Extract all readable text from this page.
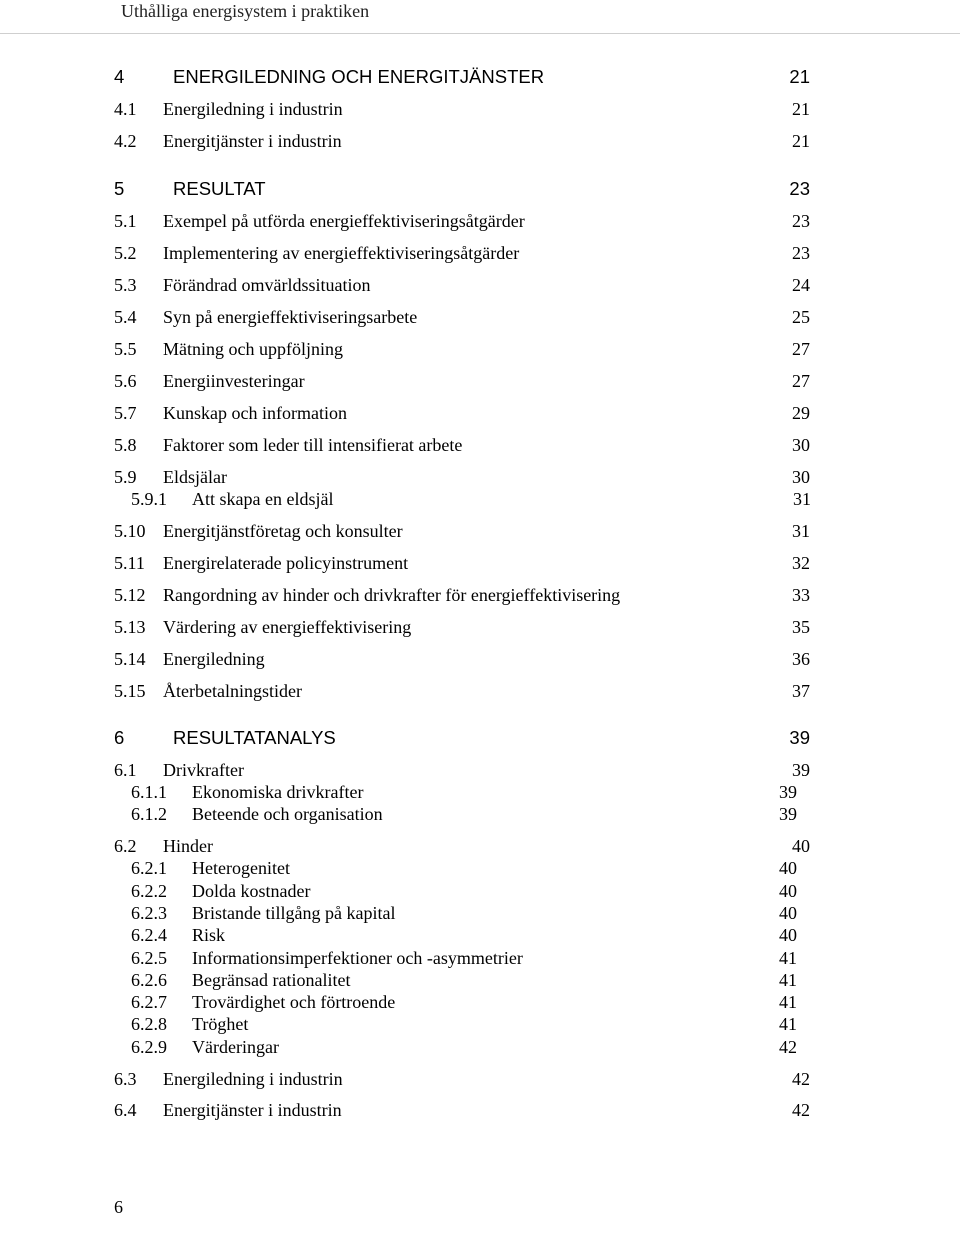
Uthålliga energisystem i praktiken
4	ENERGILEDNING OCH ENERGITJÄNSTER	21
4.1 Energiledning i industrin	21
4.2 Energitjänster i industrin	21
5	RESULTAT	23
5.1 Exempel på utförda energieffektiviseringsåtgärder	23
5.2 Implementering av energieffektiviseringsåtgärder	23
5.3 Förändrad omvärldssituation	24
5.4 Syn på energieffektiviseringsarbete	25
5.5 Mätning och uppföljning	27
5.6 Energiinvesteringar	27
5.7 Kunskap och information	29
5.8 Faktorer som leder till intensifierat arbete	30
5.9 Eldsjälar	30
5.9.1 Att skapa en eldsjäl	31
5.10 Energitjänstföretag och konsulter	31
5.11 Energirelaterade policyinstrument	32
5.12 Rangordning av hinder och drivkrafter för energieffektivisering	33
5.13 Värdering av energieffektivisering	35
5.14 Energiledning	36
5.15 Återbetalningstider	37
6	RESULTATANALYS	39
6.1 Drivkrafter	39
6.1.1 Ekonomiska drivkrafter	39
6.1.2 Beteende och organisation	39
6.2 Hinder	40
6.2.1 Heterogenitet	40
6.2.2 Dolda kostnader	40
6.2.3 Bristande tillgång på kapital	40
6.2.4 Risk	40
6.2.5 Informationsimperfektioner och -asymmetrier	41
6.2.6 Begränsad rationalitet	41
6.2.7 Trovärdighet och förtroende	41
6.2.8 Tröghet	41
6.2.9 Värderingar	42
6.3 Energiledning i industrin	42
6.4 Energitjänster i industrin	42
6
